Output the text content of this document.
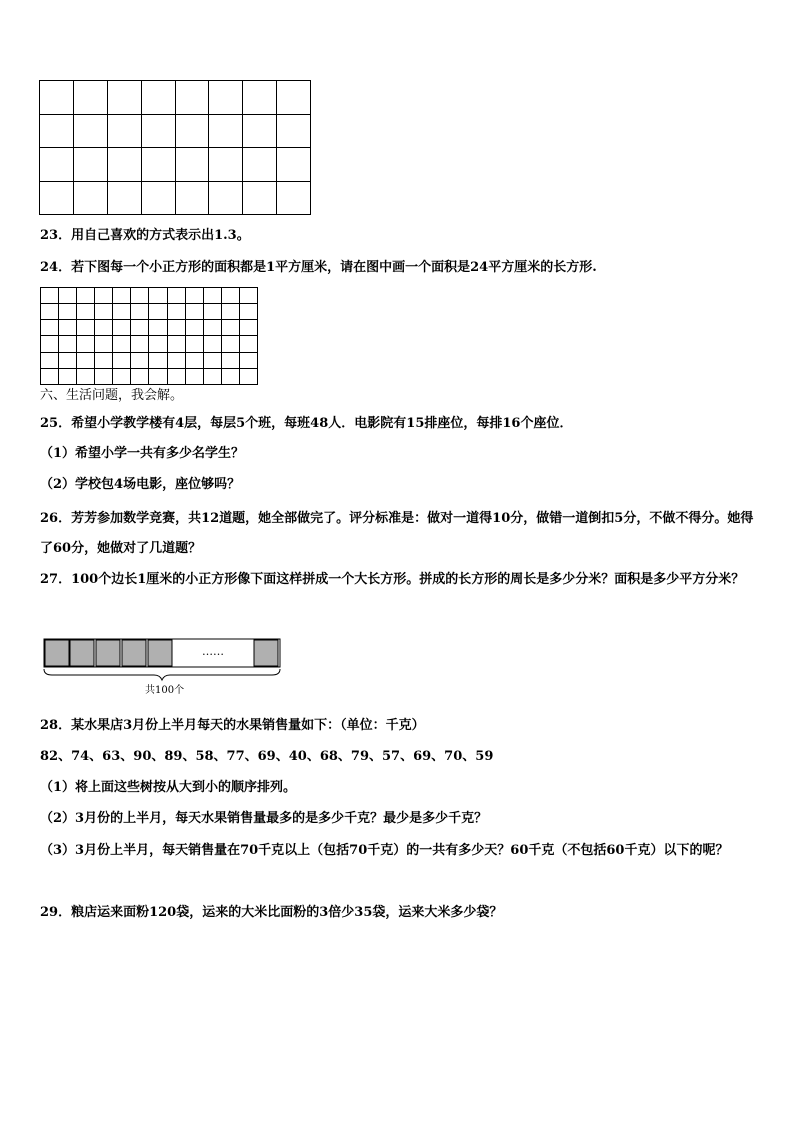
23．用自己喜欢的方式表示出1.3。
24．若下图每一个小正方形的面积都是1平方厘米，请在图中画一个面积是24平方厘米的长方形.

六、生活问题，我会解。
25．希望小学教学楼有4层，每层5个班，每班48人．电影院有15排座位，每排16个座位．
（1）希望小学一共有多少名学生？
（2）学校包4场电影，座位够吗？
26．芳芳参加数学竞赛，共12道题，她全部做完了。评分标准是：做对一道得10分，做错一道倒扣5分，不做不得分。她得了60分，她做对了几道题？
27．100个边长1厘米的小正方形像下面这样拼成一个大长方形。拼成的长方形的周长是多少分米？面积是多少平方分米？
……
共100个
28．某水果店3月份上半月每天的水果销售量如下：（单位：千克）
82、74、63、90、89、58、77、69、40、68、79、57、69、70、59
（1）将上面这些树按从大到小的顺序排列。
（2）3月份的上半月，每天水果销售量最多的是多少千克？最少是多少千克？
（3）3月份上半月，每天销售量在70千克以上（包括70千克）的一共有多少天？60千克（不包括60千克）以下的呢？
29．粮店运来面粉120袋，运来的大米比面粉的3倍少35袋，运来大米多少袋？
